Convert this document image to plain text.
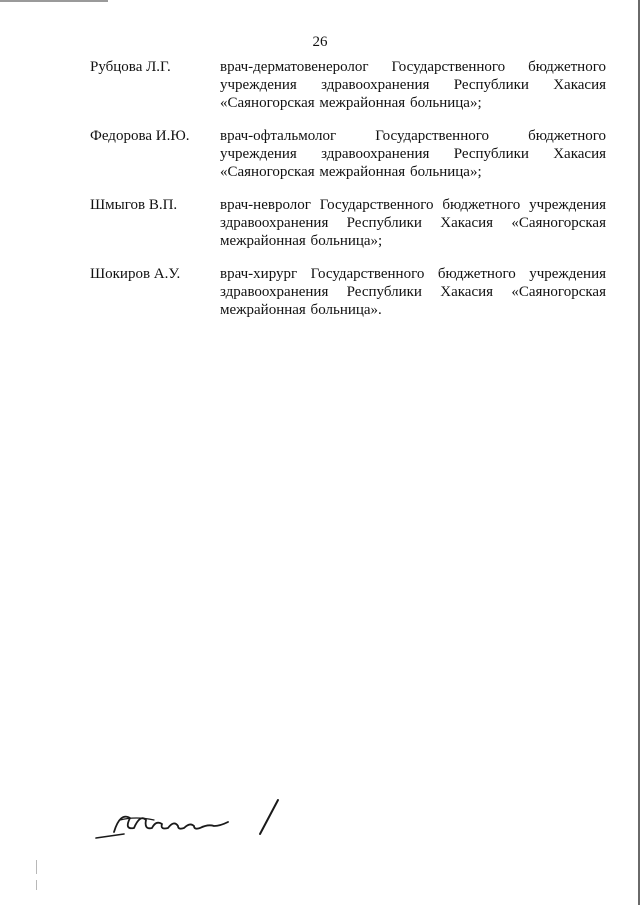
26
Рубцова Л.Г.	врач-дерматовенеролог Государственного бюджетного учреждения здравоохранения Республики Хакасия «Саяногорская межрайонная больница»;
Федорова И.Ю.	врач-офтальмолог Государственного бюджетного учреждения здравоохранения Республики Хакасия «Саяногорская межрайонная больница»;
Шмыгов В.П.	врач-невролог Государственного бюджетного учреждения здравоохранения Республики Хакасия «Саяногорская межрайонная больница»;
Шокиров А.У.	врач-хирург Государственного бюджетного учреждения здравоохранения Республики Хакасия «Саяногорская межрайонная больница».
